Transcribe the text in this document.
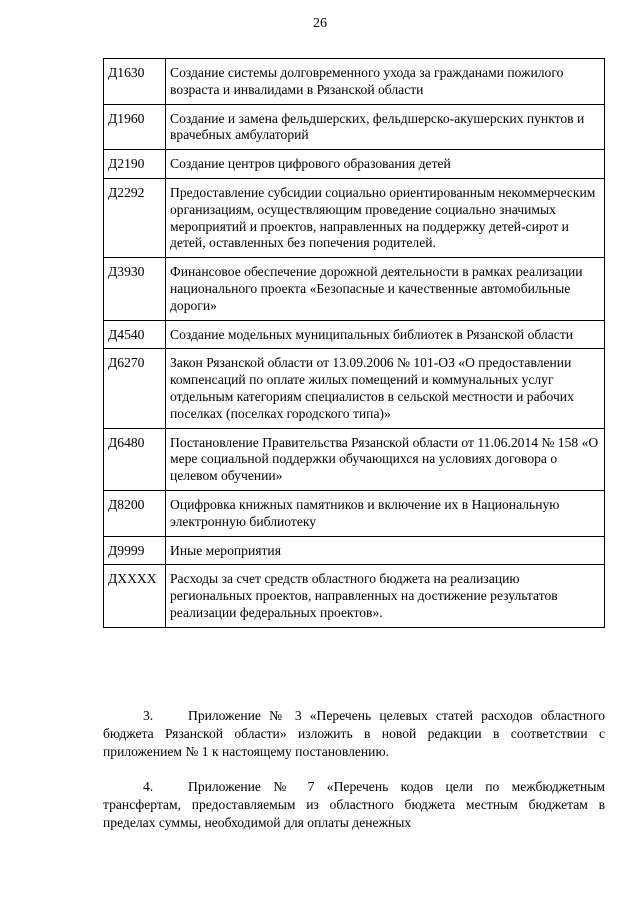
26
Д1630	Создание системы долговременного ухода за гражданами пожилого возраста и инвалидами в Рязанской области
Д1960	Создание и замена фельдшерских, фельдшерско-акушерских пунктов и врачебных амбулаторий
Д2190	Создание центров цифрового образования детей
Д2292	Предоставление субсидии социально ориентированным некоммерческим организациям, осуществляющим проведение социально значимых мероприятий и проектов, направленных на поддержку детей-сирот и детей, оставленных без попечения родителей.
Д3930	Финансовое обеспечение дорожной деятельности в рамках реализации национального проекта «Безопасные и качественные автомобильные дороги»
Д4540	Создание модельных муниципальных библиотек в Рязанской области
Д6270	Закон Рязанской области от 13.09.2006 № 101-ОЗ «О предоставлении компенсаций по оплате жилых помещений и коммунальных услуг отдельным категориям специалистов в сельской местности и рабочих поселках (поселках городского типа)»
Д6480	Постановление Правительства Рязанской области от 11.06.2014 № 158 «О мере социальной поддержки обучающихся на условиях договора о целевом обучении»
Д8200	Оцифровка книжных памятников и включение их в Национальную электронную библиотеку
Д9999	Иные мероприятия
ДХХХХ	Расходы за счет средств областного бюджета на реализацию региональных проектов, направленных на достижение результатов реализации федеральных проектов».

3.	Приложение № 3 «Перечень целевых статей расходов областного бюджета Рязанской области» изложить в новой редакции в соответствии с приложением № 1 к настоящему постановлению.

4.	Приложение № 7 «Перечень кодов цели по межбюджетным трансфертам, предоставляемым из областного бюджета местным бюджетам в пределах суммы, необходимой для оплаты денежных
